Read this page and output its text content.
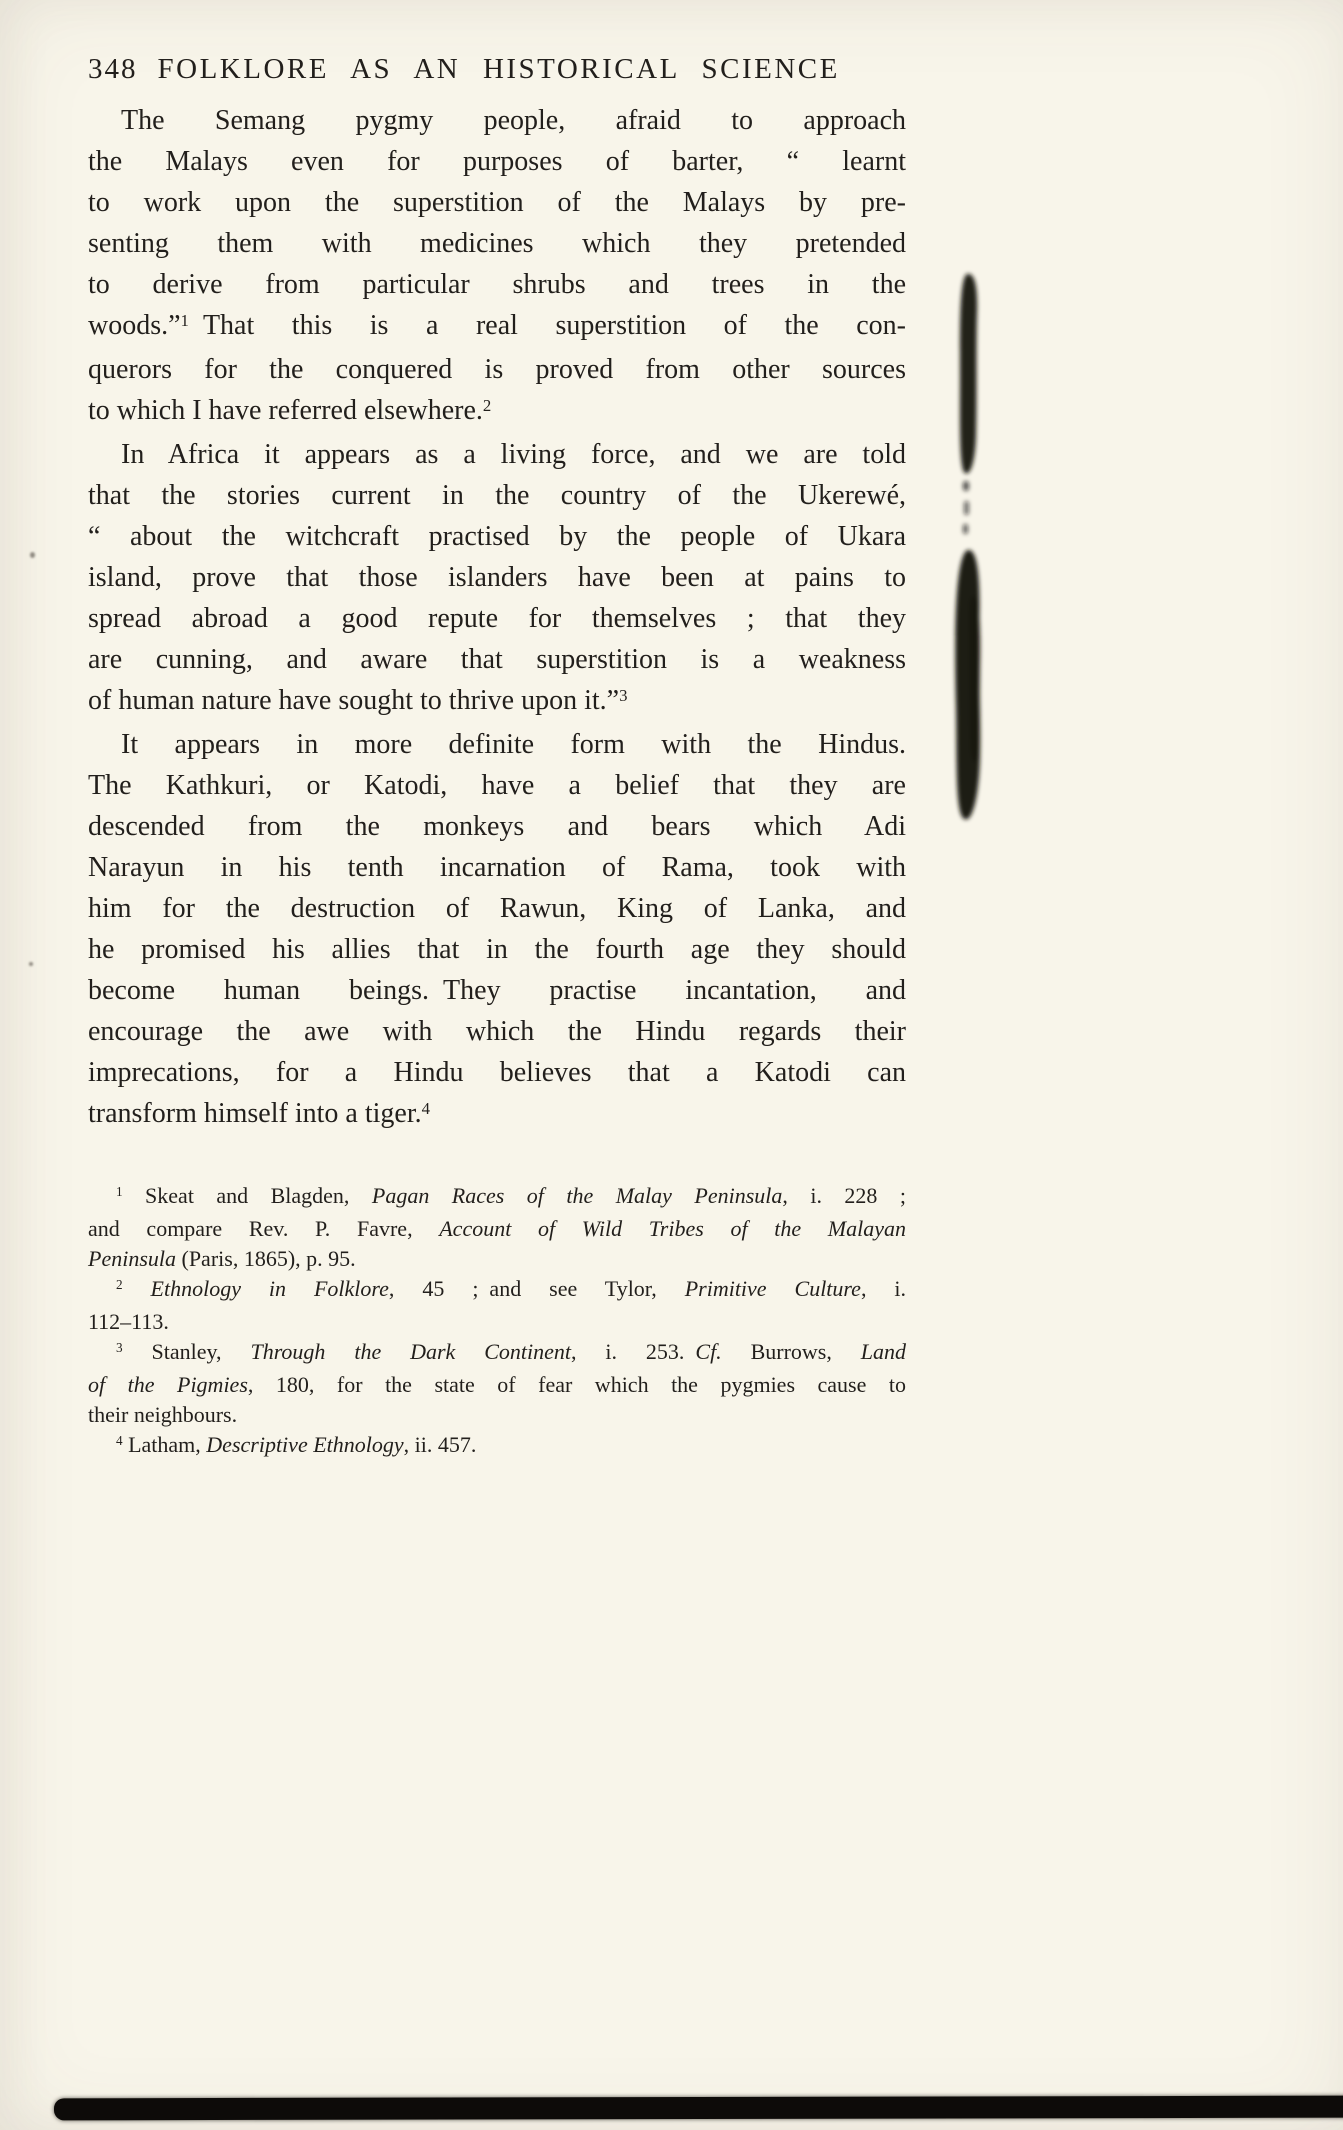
348 FOLKLORE AS AN HISTORICAL SCIENCE
The Semang pygmy people, afraid to approach
the Malays even for purposes of barter, “ learnt
to work upon the superstition of the Malays by pre-
senting them with medicines which they pretended
to derive from particular shrubs and trees in the
woods.”$^1$ That this is a real superstition of the con-
querors for the conquered is proved from other sources
to which I have referred elsewhere.$^2$
In Africa it appears as a living force, and we are told
that the stories current in the country of the Ukerewé,
“ about the witchcraft practised by the people of Ukara
island, prove that those islanders have been at pains to
spread abroad a good repute for themselves ; that they
are cunning, and aware that superstition is a weakness
of human nature have sought to thrive upon it.”$^3$
It appears in more definite form with the Hindus.
The Kathkuri, or Katodi, have a belief that they are
descended from the monkeys and bears which Adi
Narayun in his tenth incarnation of Rama, took with
him for the destruction of Rawun, King of Lanka, and
he promised his allies that in the fourth age they should
become human beings. They practise incantation, and
encourage the awe with which the Hindu regards their
imprecations, for a Hindu believes that a Katodi can
transform himself into a tiger.$^4$
$^1$ Skeat and Blagden, Pagan Races of the Malay Peninsula, i. 228 ;
and compare Rev. P. Favre, Account of Wild Tribes of the Malayan
Peninsula (Paris, 1865), p. 95.
$^2$ Ethnology in Folklore, 45 ; and see Tylor, Primitive Culture, i.
112–113.
$^3$ Stanley, Through the Dark Continent, i. 253. Cf. Burrows, Land
of the Pigmies, 180, for the state of fear which the pygmies cause to
their neighbours.
$^4$ Latham, Descriptive Ethnology, ii. 457.
